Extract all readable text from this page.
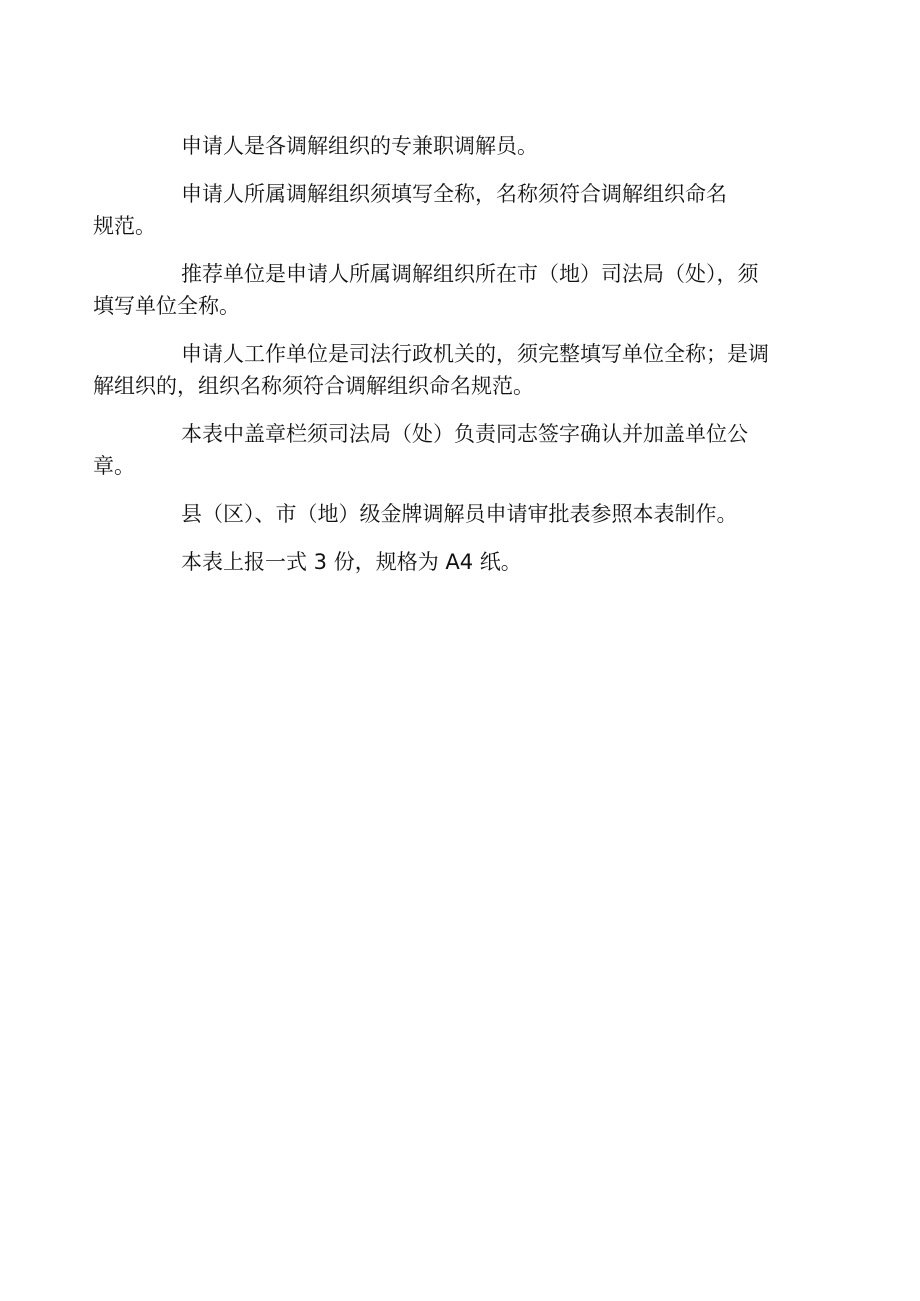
申请人是各调解组织的专兼职调解员。

申请人所属调解组织须填写全称，名称须符合调解组织命名
规范。

推荐单位是申请人所属调解组织所在市（地）司法局（处），须
填写单位全称。

申请人工作单位是司法行政机关的，须完整填写单位全称；是调
解组织的，组织名称须符合调解组织命名规范。

本表中盖章栏须司法局（处）负责同志签字确认并加盖单位公
章。

县（区）、市（地）级金牌调解员申请审批表参照本表制作。

本表上报一式 3 份，规格为 A4 纸。
